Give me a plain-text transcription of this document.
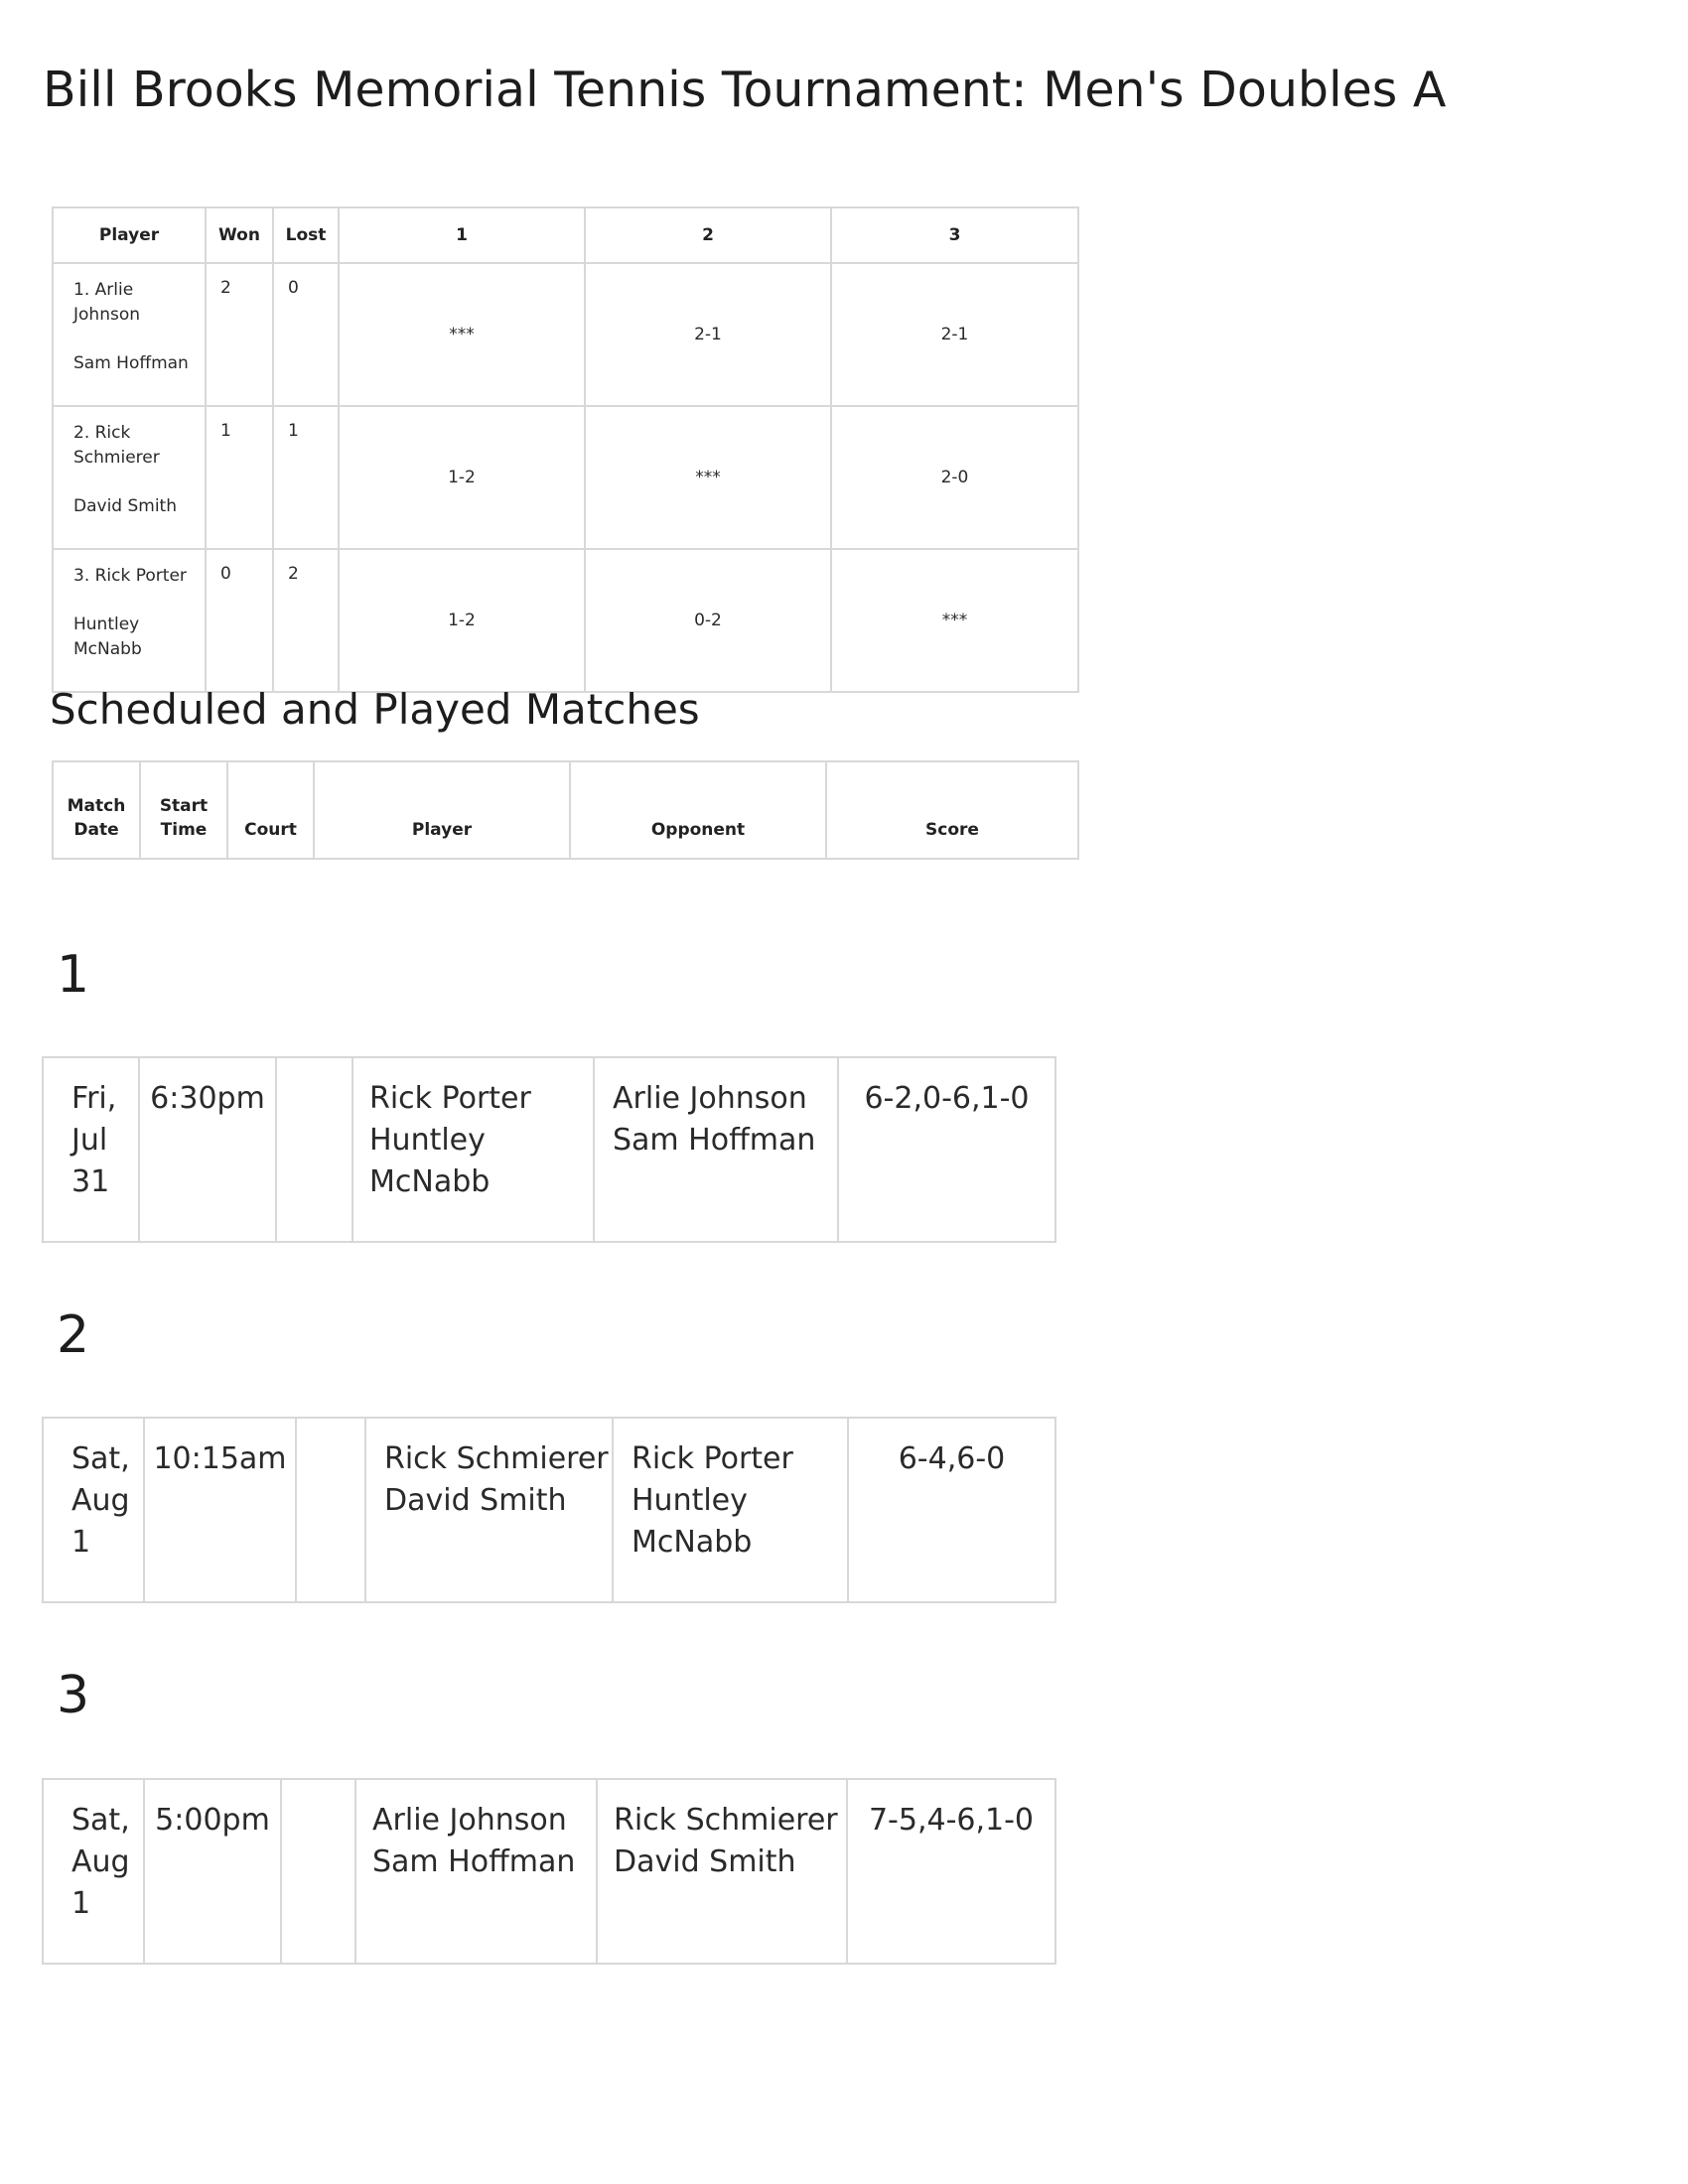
Bill Brooks Memorial Tennis Tournament: Men's Doubles A
Player	Won	Lost	1	2	3

1. Arlie Johnson
Sam Hoffman	2	0	***	2-1	2-1

2. Rick Schmierer
David Smith	1	1	1-2	***	2-0

3. Rick Porter
Huntley McNabb	0	2	1-2	0-2	***
Scheduled and Played Matches
Match
Date	Start
Time	Court	Player	Opponent	Score
1
Fri,
Jul
31
	6:30pm		Rick Porter
Huntley
McNabb

Arlie Johnson
Sam Hoffman
	6-2,0-6,1-0
2
Sat,
Aug
1
	10:15am		Rick Schmierer
David Smith

Rick Porter
Huntley
McNabb
	6-4,6-0
3
Sat,
Aug
1
	5:00pm		Arlie Johnson
Sam Hoffman

Rick Schmierer
David Smith
	7-5,4-6,1-0
